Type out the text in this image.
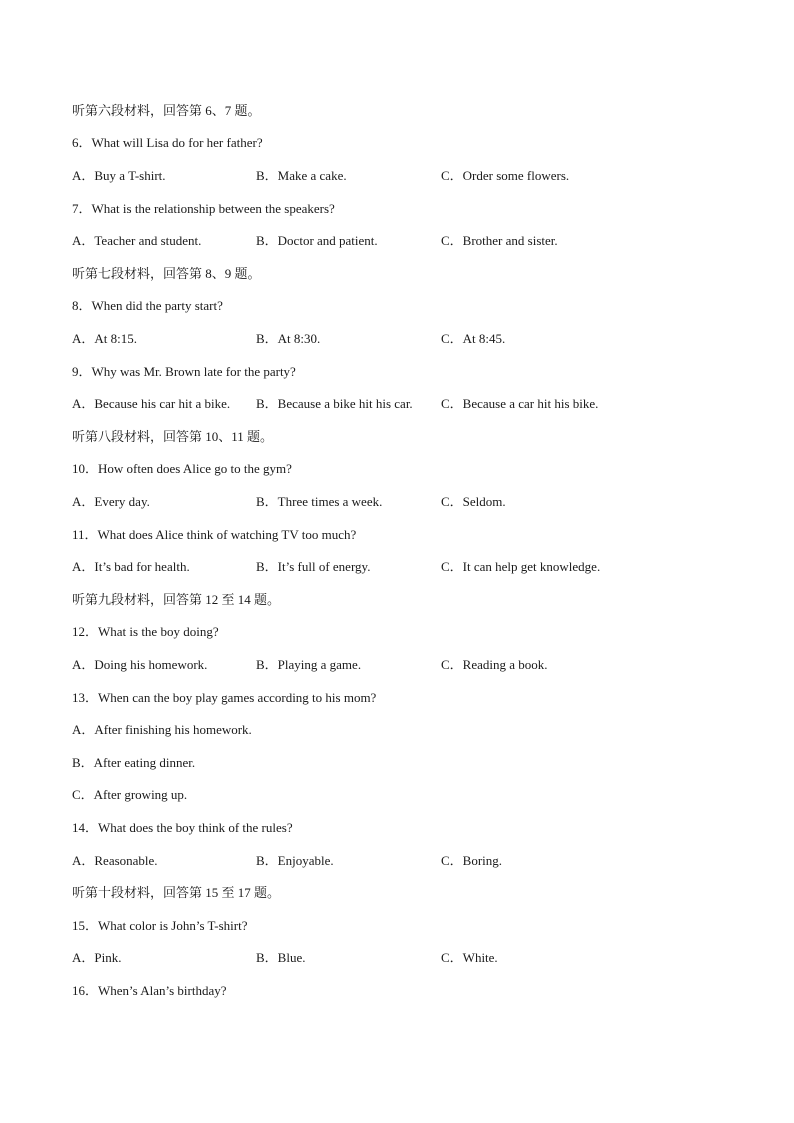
听第六段材料，回答第 6、7 题。
6．What will Lisa do for her father?
A．Buy a T-shirt.	B．Make a cake.	C．Order some flowers.
7．What is the relationship between the speakers?
A．Teacher and student.	B．Doctor and patient.	C．Brother and sister.
听第七段材料，回答第 8、9 题。
8．When did the party start?
A．At 8:15.	B．At 8:30.	C．At 8:45.
9．Why was Mr. Brown late for the party?
A．Because his car hit a bike. B．Because a bike hit his car. C．Because a car hit his bike.
听第八段材料，回答第 10、11 题。
10．How often does Alice go to the gym?
A．Every day.	B．Three times a week.	C．Seldom.
11．What does Alice think of watching TV too much?
A．It’s bad for health.	B．It’s full of energy.	C．It can help get knowledge.
听第九段材料，回答第 12 至 14 题。
12．What is the boy doing?
A．Doing his homework.	B．Playing a game.	C．Reading a book.
13．When can the boy play games according to his mom?
A．After finishing his homework.
B．After eating dinner.
C．After growing up.
14．What does the boy think of the rules?
A．Reasonable.	B．Enjoyable.	C．Boring.
听第十段材料，回答第 15 至 17 题。
15．What color is John’s T-shirt?
A．Pink.	B．Blue.	C．White.
16．When’s Alan’s birthday?
